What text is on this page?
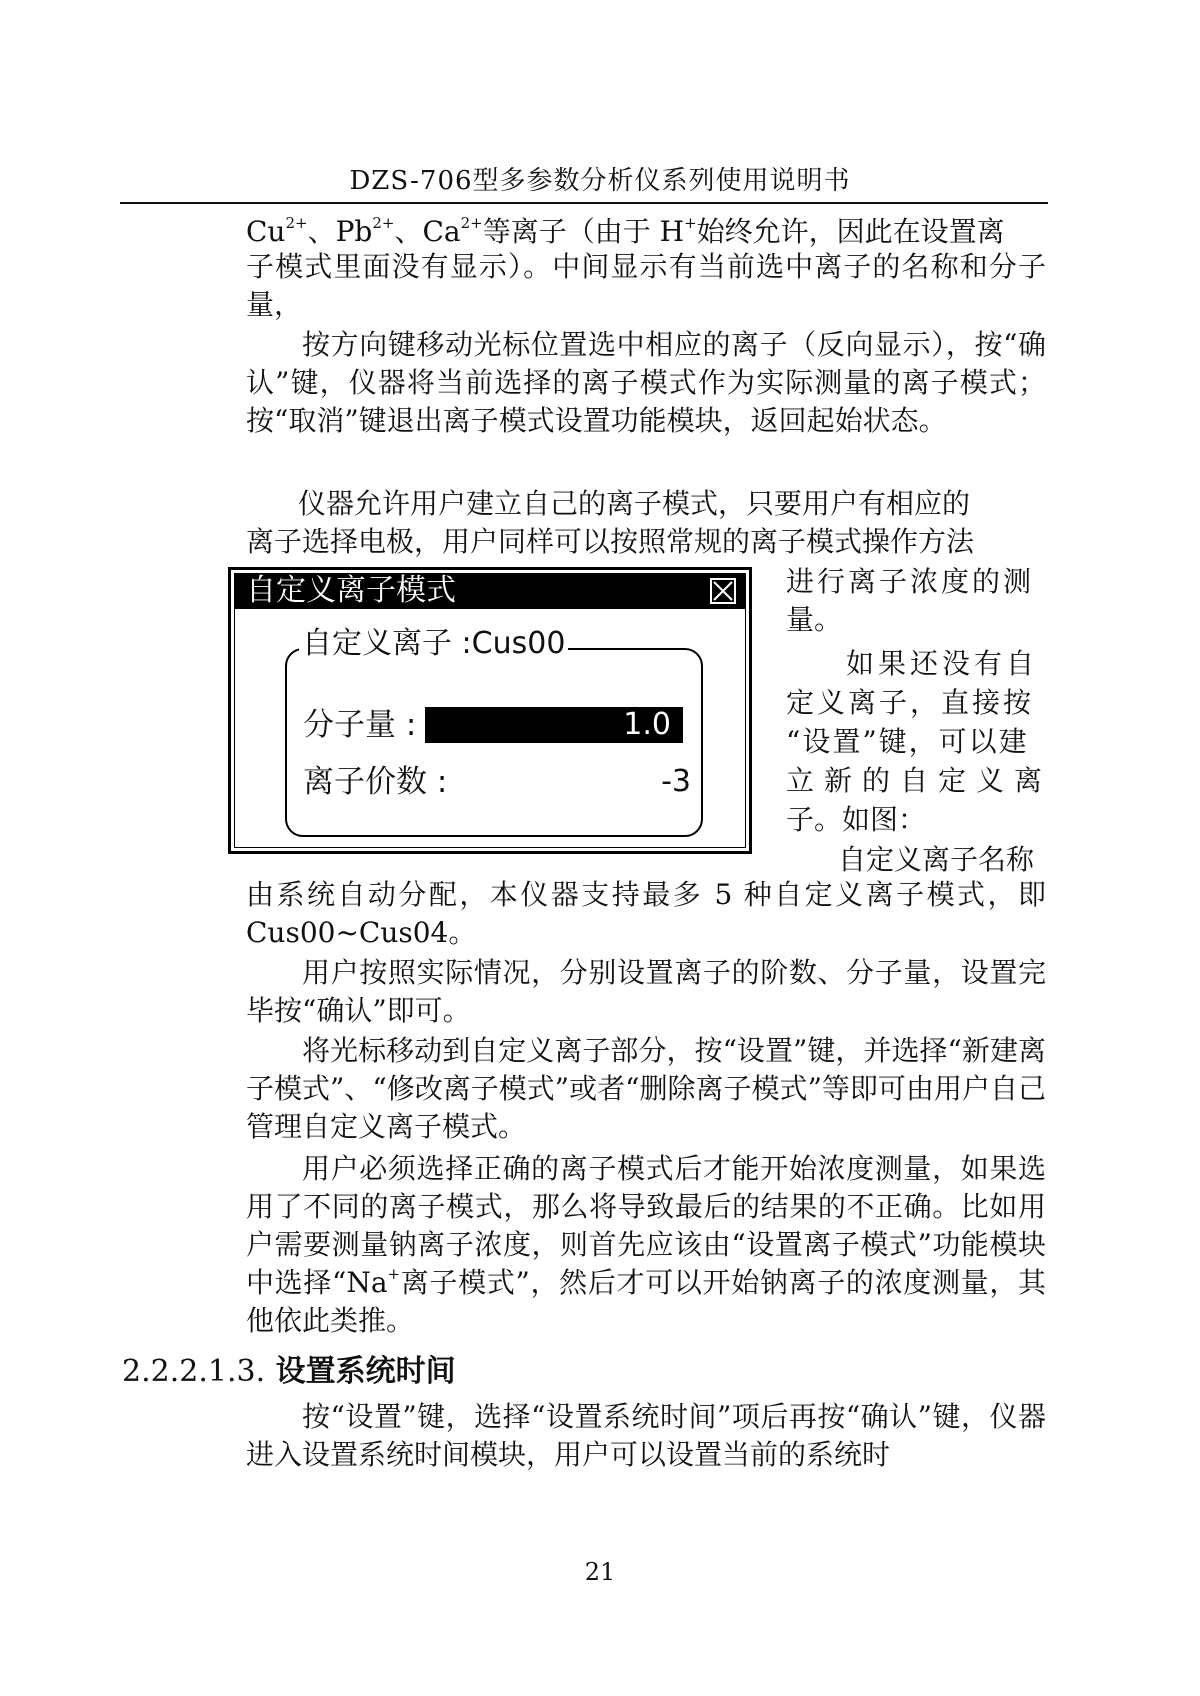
DZS-706型多参数分析仪系列使用说明书
$Cu^{2+}$、$Pb^{2+}$、$Ca^{2+}$等离子（由于 H+始终允许，因此在设置离

子模式里面没有显示）。中间显示有当前选中离子的名称和分子量，

按方向键移动光标位置选中相应的离子（反向显示），按“确认”键，仪器将当前选择的离子模式作为实际测量的离子模式；按“取消”键退出离子模式设置功能模块，返回起始状态。

仪器允许用户建立自己的离子模式，只要用户有相应的
离子选择电极，用户同样可以按照常规的离子模式操作方法
进行离子浓度的测
量。
如果还没有自
定义离子，直接按
“设置”键，可以建
立新的自定义离
子。如图：
自定义离子名称

由系统自动分配，本仪器支持最多 5 种自定义离子模式，即Cus00~Cus04。

用户按照实际情况，分别设置离子的阶数、分子量，设置完毕按“确认”即可。

将光标移动到自定义离子部分，按“设置”键，并选择“新建离子模式”、“修改离子模式”或者“删除离子模式”等即可由用户自己管理自定义离子模式。

用户必须选择正确的离子模式后才能开始浓度测量，如果选用了不同的离子模式，那么将导致最后的结果的不正确。比如用户需要测量钠离子浓度，则首先应该由“设置离子模式”功能模块中选择“Na+离子模式”，然后才可以开始钠离子的浓度测量，其他依此类推。

2.2.2.1.3. 设置系统时间

按“设置”键，选择“设置系统时间”项后再按“确认”键，仪器进入设置系统时间模块，用户可以设置当前的系统时

自定义离子模式
自定义离子 :Cus00
分子量 :	1.0
离子价数 :	-3
21
